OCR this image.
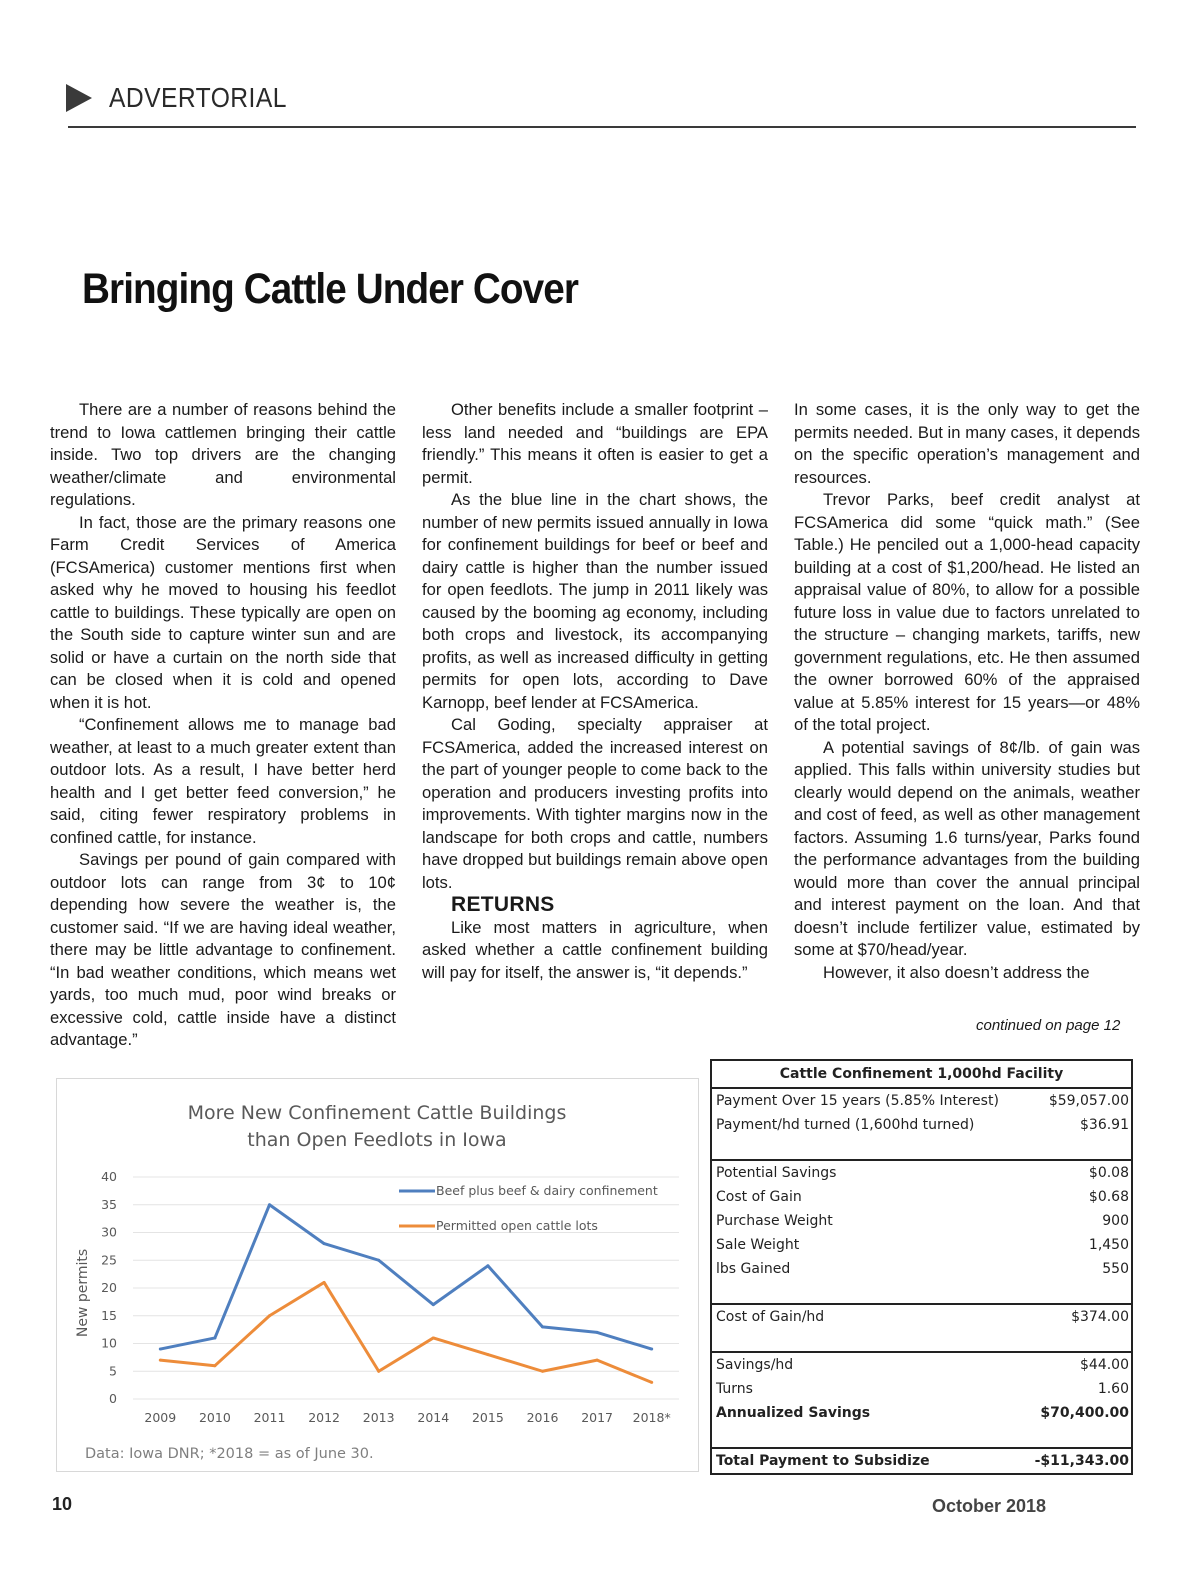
ADVERTORIAL
Bringing Cattle Under Cover

There are a number of reasons behind the trend to Iowa cattlemen bringing their cattle inside. Two top drivers are the changing weather/climate and environmental regulations.

In fact, those are the primary reasons one Farm Credit Services of America (FCSAmerica) customer mentions first when asked why he moved to housing his feedlot cattle to buildings. These typically are open on the South side to capture winter sun and are solid or have a curtain on the north side that can be closed when it is cold and opened when it is hot.

“Confinement allows me to manage bad weather, at least to a much greater extent than outdoor lots. As a result, I have better herd health and I get better feed conversion,” he said, citing fewer respiratory problems in confined cattle, for instance.

Savings per pound of gain compared with outdoor lots can range from 3¢ to 10¢ depending how severe the weather is, the customer said. “If we are having ideal weather, there may be little advantage to confinement. “In bad weather conditions, which means wet yards, too much mud, poor wind breaks or excessive cold, cattle inside have a distinct advantage.”

Other benefits include a smaller footprint – less land needed and “buildings are EPA friendly.” This means it often is easier to get a permit.

As the blue line in the chart shows, the number of new permits issued annually in Iowa for confinement buildings for beef or beef and dairy cattle is higher than the number issued for open feedlots. The jump in 2011 likely was caused by the booming ag economy, including both crops and livestock, its accompanying profits, as well as increased difficulty in getting permits for open lots, according to Dave Karnopp, beef lender at FCSAmerica.

Cal Goding, specialty appraiser at FCSAmerica, added the increased interest on the part of younger people to come back to the operation and producers investing profits into improvements. With tighter margins now in the landscape for both crops and cattle, numbers have dropped but buildings remain above open lots.

RETURNS

Like most matters in agriculture, when asked whether a cattle confinement building will pay for itself, the answer is, “it depends.”

In some cases, it is the only way to get the permits needed. But in many cases, it depends on the specific operation’s management and resources.

Trevor Parks, beef credit analyst at FCSAmerica did some “quick math.” (See Table.) He penciled out a 1,000-head capacity building at a cost of $1,200/head. He listed an appraisal value of 80%, to allow for a possible future loss in value due to factors unrelated to the structure – changing markets, tariffs, new government regulations, etc. He then assumed the owner borrowed 60% of the appraised value at 5.85% interest for 15 years—or 48% of the total project.

A potential savings of 8¢/lb. of gain was applied. This falls within university studies but clearly would depend on the animals, weather and cost of feed, as well as other management factors. Assuming 1.6 turns/year, Parks found the performance advantages from the building would more than cover the annual principal and interest payment on the loan. And that doesn’t include fertilizer value, estimated by some at $70/head/year.

However, it also doesn’t address the

continued on page 12
More New Confinement Cattle Buildings
than Open Feedlots in Iowa
New permits
0
5
10
15
20
25
30
35
40
2009 2010 2011 2012 2013 2014 2015 2016 2017 2018*
Beef plus beef & dairy confinement
Permitted open cattle lots
Data: Iowa DNR; *2018 = as of June 30.
Cattle Confinement 1,000hd Facility
Payment Over 15 years (5.85% Interest)	$59,057.00
Payment/hd turned (1,600hd turned)	$36.91
Potential Savings	$0.08
Cost of Gain	$0.68
Purchase Weight	900
Sale Weight	1,450
lbs Gained	550
Cost of Gain/hd	$374.00
Savings/hd	$44.00
Turns	1.60
Annualized Savings	$70,400.00
Total Payment to Subsidize	-$11,343.00
10	October 2018
